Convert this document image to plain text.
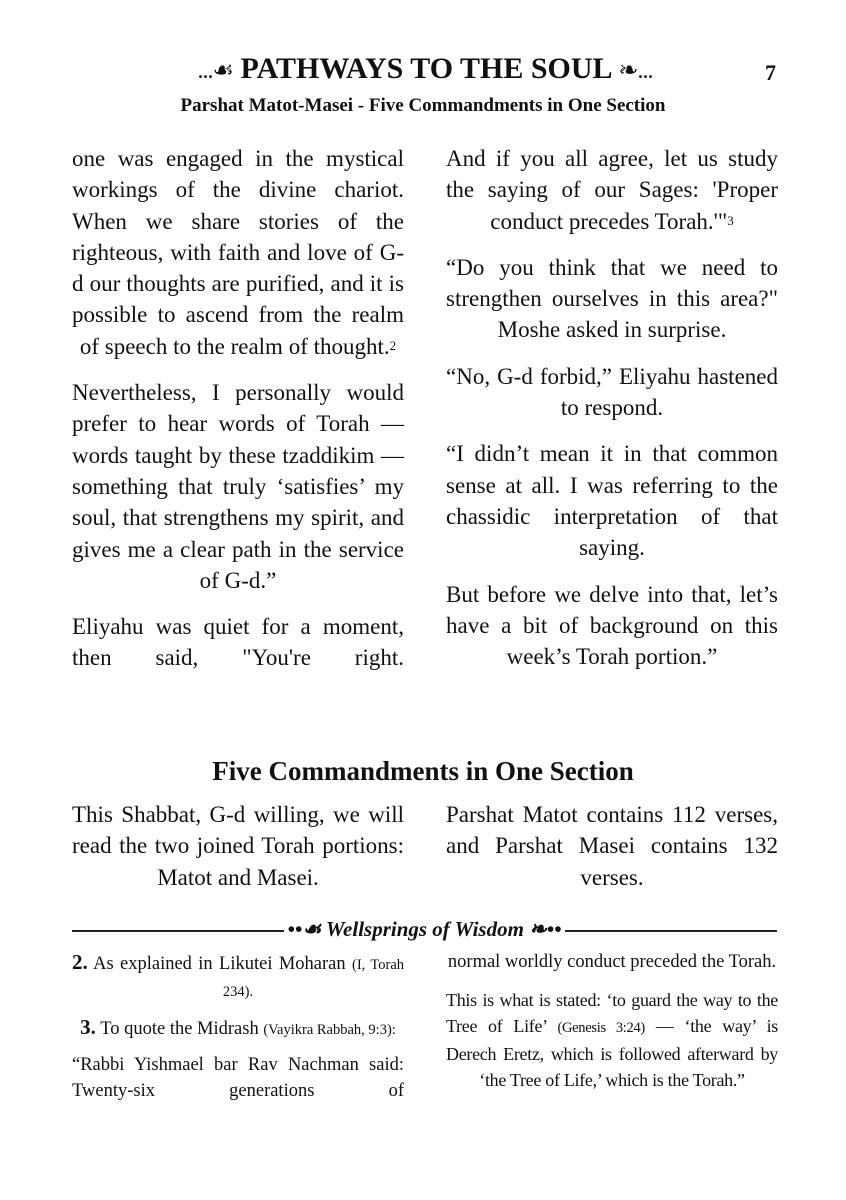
...☙ PATHWAYS TO THE SOUL ❧...	7
Parshat Matot-Masei - Five Commandments in One Section

one was engaged in the mystical workings of the divine chariot. When we share stories of the righteous, with faith and love of G-d our thoughts are purified, and it is possible to ascend from the realm of speech to the realm of thought.$^2$

Nevertheless, I personally would prefer to hear words of Torah — words taught by these tzaddikim — something that truly ‘satisfies’ my soul, that strengthens my spirit, and gives me a clear path in the service of G-d.”

Eliyahu was quiet for a moment, then said, "You're right.

And if you all agree, let us study the saying of our Sages: 'Proper conduct precedes Torah.'"$^3$

“Do you think that we need to strengthen ourselves in this area?" Moshe asked in surprise.

“No, G-d forbid,” Eliyahu hastened to respond.

“I didn’t mean it in that common sense at all. I was referring to the chassidic interpretation of that saying.

But before we delve into that, let’s have a bit of background on this week’s Torah portion.”

Five Commandments in One Section

This Shabbat, G-d willing, we will read the two joined Torah portions: Matot and Masei.

Parshat Matot contains 112 verses, and Parshat Masei contains 132 verses.

••☙ Wellsprings of Wisdom ❧••

2. As explained in Likutei Moharan (I, Torah 234).

3. To quote the Midrash (Vayikra Rabbah, 9:3):

“Rabbi Yishmael bar Rav Nachman said: Twenty-six generations of

normal worldly conduct preceded the Torah.

This is what is stated: ‘to guard the way to the Tree of Life’ (Genesis 3:24) — ‘the way’ is Derech Eretz, which is followed afterward by ‘the Tree of Life,’ which is the Torah.”
